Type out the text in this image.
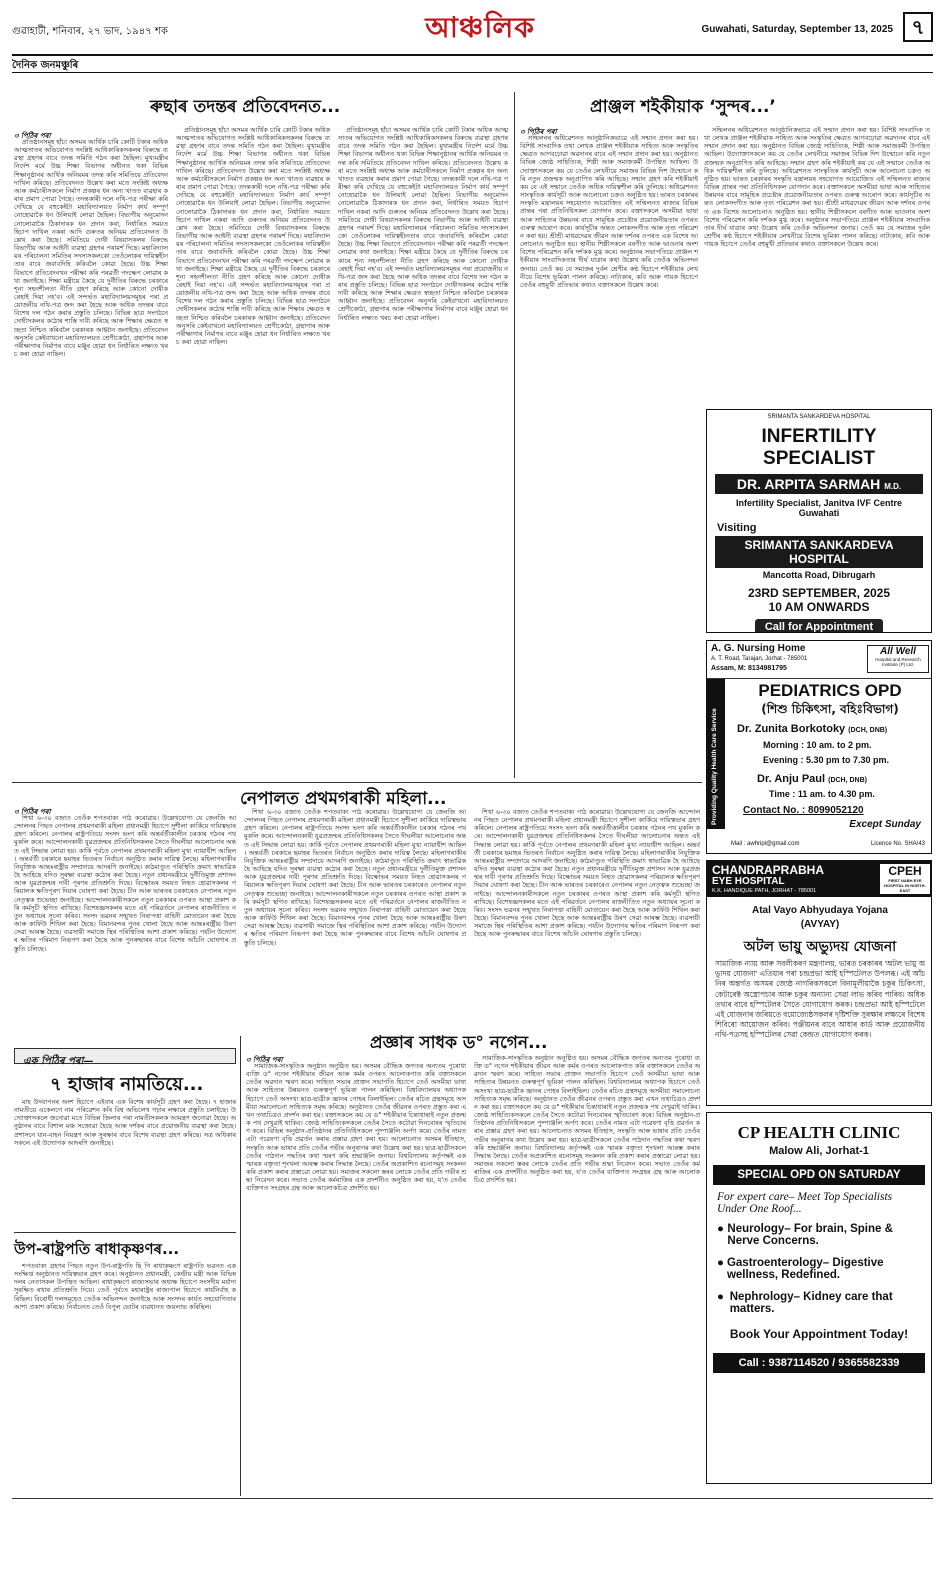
গুৱাহাটী, শনিবাৰ, ২৭ ভাদ, ১৯৪৭ শক	আঞ্চলিক	Guwahati, Saturday, September 13, 2025 ৭
দৈনিক জনমঞ্চুৰি
ৰুছাৰ তদন্তৰ প্ৰতিবেদনত...
৩ পিঠিৰ পৰা

প্ৰতিষ্ঠানসমূহ হাঁচা অসমৰ আৰ্থিক চাৰি কোটি টকাৰ অধিক আত্মসাতৰ অভিযোগত সংশ্লিষ্ট আধিকাৰিকসকলৰ বিৰুদ্ধে ব্যৱস্থা গ্ৰহণৰ বাবে তদন্ত সমিতি গঠন কৰা হৈছিল। মুখ্যমন্ত্ৰীৰ নিৰ্দেশ মৰ্মে উচ্চ শিক্ষা বিভাগৰ অধীনত থকা বিভিন্ন শিক্ষানুষ্ঠানৰ আৰ্থিক অনিয়মৰ তদন্ত কৰি সমিতিয়ে প্ৰতিবেদন দাখিল কৰিছে। প্ৰতিবেদনত উল্লেখ কৰা মতে সংশ্লিষ্ট অধ্যক্ষ আৰু কৰ্মচাৰীসকলে নিৰ্মাণ প্ৰকল্পৰ ধন অন্য খাতত ব্যৱহাৰ কৰাৰ প্ৰমাণ পোৱা গৈছে। তদন্তকাৰী দলে নথি-পত্ৰ পৰীক্ষা কৰি দেখিছে যে বহুকেইটা মহাবিদ্যালয়ত নিৰ্মাণ কাৰ্য সম্পূৰ্ণ নোহোৱাকৈ ধন উলিয়াই লোৱা হৈছিল। বিভাগীয় অনুমোদন নোলোৱাকৈ ঠিকাদাৰক ধন প্ৰদান কৰা, নিৰ্ধাৰিত সময়ত হিচাপ দাখিল নকৰা আদি গুৰুতৰ অনিয়ম প্ৰতিবেদনত উল্লেখ কৰা হৈছে। সমিতিয়ে দোষী বিষয়াসকলৰ বিৰুদ্ধে বিভাগীয় আৰু আইনী ব্যৱস্থা গ্ৰহণৰ পৰামৰ্শ দিছে। মহাবিদ্যালয়ৰ পৰিচালনা সমিতিৰ সদস্যসকলকো তেওঁলোকৰ দায়িত্বহীনতাৰ বাবে জবাবদিহি কৰিবলৈ কোৱা হৈছে। উচ্চ শিক্ষা বিভাগে প্ৰতিবেদনখন পৰীক্ষা কৰি পৰৱৰ্তী পদক্ষেপ লোৱাৰ কথা জনাইছে। শিক্ষা মন্ত্ৰীয়ে কৈছে যে দুৰ্নীতিৰ বিৰুদ্ধে চৰকাৰে শূন্য সহনশীলতা নীতি গ্ৰহণ কৰিছে আৰু কোনো দোষীক ৰেহাই দিয়া নহ'ব। এই সন্দৰ্ভত মহাবিদ্যালয়সমূহৰ পৰা প্ৰয়োজনীয় নথি-পত্ৰ জব্দ কৰা হৈছে আৰু অধিক তদন্তৰ বাবে বিশেষ দল গঠন কৰাৰ প্ৰস্তুতি চলিছে। বিভিন্ন ছাত্ৰ সংগঠনে দোষীসকলৰ কঠোৰ শাস্তি দাবী কৰিছে আৰু শিক্ষাৰ ক্ষেত্ৰত স্বচ্ছতা নিশ্চিত কৰিবলৈ চৰকাৰক আহ্বান জনাইছে। প্ৰতিবেদন অনুসৰি কেইবাখনো মহাবিদ্যালয়ত শ্ৰেণীকোঠা, গ্ৰন্থাগাৰ আৰু পৰীক্ষাগাৰ নিৰ্মাণৰ বাবে মঞ্জুৰ হোৱা ধন নিৰ্ধাৰিত লক্ষ্যত খৰচ কৰা হোৱা নাছিল।

প্ৰতিষ্ঠানসমূহ হাঁচা অসমৰ আৰ্থিক চাৰি কোটি টকাৰ অধিক আত্মসাতৰ অভিযোগত সংশ্লিষ্ট আধিকাৰিকসকলৰ বিৰুদ্ধে ব্যৱস্থা গ্ৰহণৰ বাবে তদন্ত সমিতি গঠন কৰা হৈছিল। মুখ্যমন্ত্ৰীৰ নিৰ্দেশ মৰ্মে উচ্চ শিক্ষা বিভাগৰ অধীনত থকা বিভিন্ন শিক্ষানুষ্ঠানৰ আৰ্থিক অনিয়মৰ তদন্ত কৰি সমিতিয়ে প্ৰতিবেদন দাখিল কৰিছে। প্ৰতিবেদনত উল্লেখ কৰা মতে সংশ্লিষ্ট অধ্যক্ষ আৰু কৰ্মচাৰীসকলে নিৰ্মাণ প্ৰকল্পৰ ধন অন্য খাতত ব্যৱহাৰ কৰাৰ প্ৰমাণ পোৱা গৈছে। তদন্তকাৰী দলে নথি-পত্ৰ পৰীক্ষা কৰি দেখিছে যে বহুকেইটা মহাবিদ্যালয়ত নিৰ্মাণ কাৰ্য সম্পূৰ্ণ নোহোৱাকৈ ধন উলিয়াই লোৱা হৈছিল। বিভাগীয় অনুমোদন নোলোৱাকৈ ঠিকাদাৰক ধন প্ৰদান কৰা, নিৰ্ধাৰিত সময়ত হিচাপ দাখিল নকৰা আদি গুৰুতৰ অনিয়ম প্ৰতিবেদনত উল্লেখ কৰা হৈছে। সমিতিয়ে দোষী বিষয়াসকলৰ বিৰুদ্ধে বিভাগীয় আৰু আইনী ব্যৱস্থা গ্ৰহণৰ পৰামৰ্শ দিছে। মহাবিদ্যালয়ৰ পৰিচালনা সমিতিৰ সদস্যসকলকো তেওঁলোকৰ দায়িত্বহীনতাৰ বাবে জবাবদিহি কৰিবলৈ কোৱা হৈছে। উচ্চ শিক্ষা বিভাগে প্ৰতিবেদনখন পৰীক্ষা কৰি পৰৱৰ্তী পদক্ষেপ লোৱাৰ কথা জনাইছে। শিক্ষা মন্ত্ৰীয়ে কৈছে যে দুৰ্নীতিৰ বিৰুদ্ধে চৰকাৰে শূন্য সহনশীলতা নীতি গ্ৰহণ কৰিছে আৰু কোনো দোষীক ৰেহাই দিয়া নহ'ব। এই সন্দৰ্ভত মহাবিদ্যালয়সমূহৰ পৰা প্ৰয়োজনীয় নথি-পত্ৰ জব্দ কৰা হৈছে আৰু অধিক তদন্তৰ বাবে বিশেষ দল গঠন কৰাৰ প্ৰস্তুতি চলিছে। বিভিন্ন ছাত্ৰ সংগঠনে দোষীসকলৰ কঠোৰ শাস্তি দাবী কৰিছে আৰু শিক্ষাৰ ক্ষেত্ৰত স্বচ্ছতা নিশ্চিত কৰিবলৈ চৰকাৰক আহ্বান জনাইছে। প্ৰতিবেদন অনুসৰি কেইবাখনো মহাবিদ্যালয়ত শ্ৰেণীকোঠা, গ্ৰন্থাগাৰ আৰু পৰীক্ষাগাৰ নিৰ্মাণৰ বাবে মঞ্জুৰ হোৱা ধন নিৰ্ধাৰিত লক্ষ্যত খৰচ কৰা হোৱা নাছিল।

প্ৰতিষ্ঠানসমূহ হাঁচা অসমৰ আৰ্থিক চাৰি কোটি টকাৰ অধিক আত্মসাতৰ অভিযোগত সংশ্লিষ্ট আধিকাৰিকসকলৰ বিৰুদ্ধে ব্যৱস্থা গ্ৰহণৰ বাবে তদন্ত সমিতি গঠন কৰা হৈছিল। মুখ্যমন্ত্ৰীৰ নিৰ্দেশ মৰ্মে উচ্চ শিক্ষা বিভাগৰ অধীনত থকা বিভিন্ন শিক্ষানুষ্ঠানৰ আৰ্থিক অনিয়মৰ তদন্ত কৰি সমিতিয়ে প্ৰতিবেদন দাখিল কৰিছে। প্ৰতিবেদনত উল্লেখ কৰা মতে সংশ্লিষ্ট অধ্যক্ষ আৰু কৰ্মচাৰীসকলে নিৰ্মাণ প্ৰকল্পৰ ধন অন্য খাতত ব্যৱহাৰ কৰাৰ প্ৰমাণ পোৱা গৈছে। তদন্তকাৰী দলে নথি-পত্ৰ পৰীক্ষা কৰি দেখিছে যে বহুকেইটা মহাবিদ্যালয়ত নিৰ্মাণ কাৰ্য সম্পূৰ্ণ নোহোৱাকৈ ধন উলিয়াই লোৱা হৈছিল। বিভাগীয় অনুমোদন নোলোৱাকৈ ঠিকাদাৰক ধন প্ৰদান কৰা, নিৰ্ধাৰিত সময়ত হিচাপ দাখিল নকৰা আদি গুৰুতৰ অনিয়ম প্ৰতিবেদনত উল্লেখ কৰা হৈছে। সমিতিয়ে দোষী বিষয়াসকলৰ বিৰুদ্ধে বিভাগীয় আৰু আইনী ব্যৱস্থা গ্ৰহণৰ পৰামৰ্শ দিছে। মহাবিদ্যালয়ৰ পৰিচালনা সমিতিৰ সদস্যসকলকো তেওঁলোকৰ দায়িত্বহীনতাৰ বাবে জবাবদিহি কৰিবলৈ কোৱা হৈছে। উচ্চ শিক্ষা বিভাগে প্ৰতিবেদনখন পৰীক্ষা কৰি পৰৱৰ্তী পদক্ষেপ লোৱাৰ কথা জনাইছে। শিক্ষা মন্ত্ৰীয়ে কৈছে যে দুৰ্নীতিৰ বিৰুদ্ধে চৰকাৰে শূন্য সহনশীলতা নীতি গ্ৰহণ কৰিছে আৰু কোনো দোষীক ৰেহাই দিয়া নহ'ব। এই সন্দৰ্ভত মহাবিদ্যালয়সমূহৰ পৰা প্ৰয়োজনীয় নথি-পত্ৰ জব্দ কৰা হৈছে আৰু অধিক তদন্তৰ বাবে বিশেষ দল গঠন কৰাৰ প্ৰস্তুতি চলিছে। বিভিন্ন ছাত্ৰ সংগঠনে দোষীসকলৰ কঠোৰ শাস্তি দাবী কৰিছে আৰু শিক্ষাৰ ক্ষেত্ৰত স্বচ্ছতা নিশ্চিত কৰিবলৈ চৰকাৰক আহ্বান জনাইছে। প্ৰতিবেদন অনুসৰি কেইবাখনো মহাবিদ্যালয়ত শ্ৰেণীকোঠা, গ্ৰন্থাগাৰ আৰু পৰীক্ষাগাৰ নিৰ্মাণৰ বাবে মঞ্জুৰ হোৱা ধন নিৰ্ধাৰিত লক্ষ্যত খৰচ কৰা হোৱা নাছিল।

প্ৰাঞ্জল শইকীয়াক ‘সুন্দৰ...’
৩ পিঠিৰ পৰা

সন্মিলনৰ অধিৱেশনত আনুষ্ঠানিকভাৱে এই সন্মান প্ৰদান কৰা হয়। বিশিষ্ট সাংবাদিক তথা লেখক প্ৰাঞ্জল শইকীয়াক সাহিত্য আৰু সংস্কৃতিৰ ক্ষেত্ৰত আগবঢ়োৱা অৱদানৰ বাবে এই সন্মান প্ৰদান কৰা হয়। অনুষ্ঠানত বিভিন্ন জ্যেষ্ঠ সাহিত্যিক, শিল্পী আৰু সমাজকৰ্মী উপস্থিত আছিল। উদ্যোক্তাসকলে কয় যে তেওঁৰ লেখনীয়ে সমাজৰ বিভিন্ন দিশ উন্মোচন কৰি নতুন প্ৰজন্মক অনুপ্ৰাণিত কৰি আহিছে। সন্মান গ্ৰহণ কৰি শইকীয়াই কয় যে এই সন্মানে তেওঁক অধিক দায়িত্বশীল কৰি তুলিছে। অধিৱেশনত সাংস্কৃতিক কাৰ্যসূচী আৰু আলোচনা চক্ৰও অনুষ্ঠিত হয়। ভাৰত চৰকাৰৰ সংস্কৃতি মন্ত্ৰালয়ৰ সহযোগত আয়োজিত এই সন্মিলনত ৰাজ্যৰ বিভিন্ন প্ৰান্তৰ পৰা প্ৰতিনিধিসকল যোগদান কৰে। বক্তাসকলে অসমীয়া ভাষা আৰু সাহিত্যৰ উন্নয়নৰ বাবে সামূহিক প্ৰচেষ্টাৰ প্ৰয়োজনীয়তাৰ ওপৰত গুৰুত্ব আৰোপ কৰে। কাৰ্যসূচীৰ অন্তত লোকসংগীত আৰু নৃত্য পৰিৱেশন কৰা হয়। শ্ৰীশ্ৰী মাধৱদেৱৰ জীৱন আৰু দৰ্শনৰ ওপৰত এক বিশেষ আলোচনাও অনুষ্ঠিত হয়। স্থানীয় শিল্পীসকলে বৰগীত আৰু ভাওনাৰ অংশবিশেষ পৰিৱেশন কৰি দৰ্শকক মুগ্ধ কৰে। অনুষ্ঠানৰ সভাপতিয়ে প্ৰাঞ্জল শইকীয়াৰ সাংবাদিকতাৰ দীৰ্ঘ যাত্ৰাৰ কথা উল্লেখ কৰি তেওঁক অভিনন্দন জনায়। তেওঁ কয় যে সমাজৰ দুৰ্বল শ্ৰেণীৰ কণ্ঠ হিচাপে শইকীয়াৰ লেখনীয়ে বিশেষ ভূমিকা পালন কৰিছে। নাট্যকাৰ, কবি আৰু গায়ক হিচাপে তেওঁৰ বহুমুখী প্ৰতিভাৰ কথাও বক্তাসকলে উল্লেখ কৰে।

সন্মিলনৰ অধিৱেশনত আনুষ্ঠানিকভাৱে এই সন্মান প্ৰদান কৰা হয়। বিশিষ্ট সাংবাদিক তথা লেখক প্ৰাঞ্জল শইকীয়াক সাহিত্য আৰু সংস্কৃতিৰ ক্ষেত্ৰত আগবঢ়োৱা অৱদানৰ বাবে এই সন্মান প্ৰদান কৰা হয়। অনুষ্ঠানত বিভিন্ন জ্যেষ্ঠ সাহিত্যিক, শিল্পী আৰু সমাজকৰ্মী উপস্থিত আছিল। উদ্যোক্তাসকলে কয় যে তেওঁৰ লেখনীয়ে সমাজৰ বিভিন্ন দিশ উন্মোচন কৰি নতুন প্ৰজন্মক অনুপ্ৰাণিত কৰি আহিছে। সন্মান গ্ৰহণ কৰি শইকীয়াই কয় যে এই সন্মানে তেওঁক অধিক দায়িত্বশীল কৰি তুলিছে। অধিৱেশনত সাংস্কৃতিক কাৰ্যসূচী আৰু আলোচনা চক্ৰও অনুষ্ঠিত হয়। ভাৰত চৰকাৰৰ সংস্কৃতি মন্ত্ৰালয়ৰ সহযোগত আয়োজিত এই সন্মিলনত ৰাজ্যৰ বিভিন্ন প্ৰান্তৰ পৰা প্ৰতিনিধিসকল যোগদান কৰে। বক্তাসকলে অসমীয়া ভাষা আৰু সাহিত্যৰ উন্নয়নৰ বাবে সামূহিক প্ৰচেষ্টাৰ প্ৰয়োজনীয়তাৰ ওপৰত গুৰুত্ব আৰোপ কৰে। কাৰ্যসূচীৰ অন্তত লোকসংগীত আৰু নৃত্য পৰিৱেশন কৰা হয়। শ্ৰীশ্ৰী মাধৱদেৱৰ জীৱন আৰু দৰ্শনৰ ওপৰত এক বিশেষ আলোচনাও অনুষ্ঠিত হয়। স্থানীয় শিল্পীসকলে বৰগীত আৰু ভাওনাৰ অংশবিশেষ পৰিৱেশন কৰি দৰ্শকক মুগ্ধ কৰে। অনুষ্ঠানৰ সভাপতিয়ে প্ৰাঞ্জল শইকীয়াৰ সাংবাদিকতাৰ দীৰ্ঘ যাত্ৰাৰ কথা উল্লেখ কৰি তেওঁক অভিনন্দন জনায়। তেওঁ কয় যে সমাজৰ দুৰ্বল শ্ৰেণীৰ কণ্ঠ হিচাপে শইকীয়াৰ লেখনীয়ে বিশেষ ভূমিকা পালন কৰিছে। নাট্যকাৰ, কবি আৰু গায়ক হিচাপে তেওঁৰ বহুমুখী প্ৰতিভাৰ কথাও বক্তাসকলে উল্লেখ কৰে।

SRIMANTA SANKARDEVA HOSPITAL
INFERTILITY SPECIALIST
DR. ARPITA SARMAH M.D.
Infertility Specialist, Janitva IVF Centre
Guwahati
Visiting
SRIMANTA SANKARDEVA HOSPITAL
Mancotta Road, Dibrugarh
23RD SEPTEMBER, 2025
10 AM ONWARDS
Call for Appointment
A. G. Nursing Home
A. T. Road, Tarajan, Jorhat - 785001
Assam, M: 8134981795
All Well
Hospital and Research Institute (P) Ltd.
Providing Quality Health Care Service
PEDIATRICS OPD
(শিশু চিকিৎসা, বহিঃবিভাগ)
Dr. Zunita Borkotoky (DCH, DNB)
Morning : 10 am. to 2 pm.
Evening : 5.30 pm to 7.30 pm.
Dr. Anju Paul (DCH, DNB)
Time : 11 am. to 4.30 pm.
Contact No. : 8099052120
Except Sunday
Mail : awhripl@gmail.com	Licence No. SHA/43
CHANDRAPRABHA
EYE HOSPITAL
K.K. HANDIQUE PATH, JORHAT - 785001
CPEH
FIRST NABH EYE HOSPITAL IN NORTH-EAST
Atal Vayo Abhyudaya Yojana
(AVYAY)
অটল ভায়ু অভ্যুদয় যোজনা
সামাজিক ন্যায় আৰু সবলীকৰণ মন্ত্ৰণালয়, ভাৰত চৰকাৰৰ 'অটল ভায়ু অভ্যুদয় যোজনা' এতিয়াৰ পৰা চন্দ্ৰপ্ৰভা আই হস্পিটেলত উপলব্ধ। এই আঁচনিৰ অন্তৰ্গত অসমৰ জ্যেষ্ঠ নাগৰিকসকলে বিনামূলীয়াকৈ চকুৰ চিকিৎসা, কেটাৰেক্ট অস্ত্ৰোপচাৰ আৰু চকুৰ অন্যান্য সেৱা লাভ কৰিব পাৰিব। অধিক তথ্যৰ বাবে হস্পিটেলৰ সৈতে যোগাযোগ কৰক। চন্দ্ৰপ্ৰভা আই হস্পিটেলে এই যোজনাৰ জৰিয়তে বয়োজ্যেষ্ঠসকলৰ দৃষ্টিশক্তি সুৰক্ষাৰ লক্ষ্যৰে বিশেষ শিবিৰো আয়োজন কৰিব। পঞ্জীয়নৰ বাবে আধাৰ কাৰ্ড আৰু প্ৰয়োজনীয় নথি-পত্ৰসহ হস্পিটেলৰ সেৱা কেন্দ্ৰত যোগাযোগ কৰক।
CP HEALTH CLINIC
Malow Ali, Jorhat-1
SPECIAL OPD ON SATURDAY
For expert care– Meet Top Specialists Under One Roof...
● Neurology– For brain, Spine & Nerve Concerns.
● Gastroenterology– Digestive wellness, Redefined.
● Nephrology– Kidney care that matters.
Book Your Appointment Today!
Call : 9387114520 / 9365582339
নেপালত প্ৰথমগৰাকী মহিলা...
৩ পিঠিৰ পৰা

শিখা ৬-৩০ বজাত তেওঁক শপতবাক্য পাঠ কৰোৱায়। উল্লেখযোগ্য যে জেনজি আন্দোলনৰ পিছত নেপালৰ প্ৰথমগৰাকী মহিলা প্ৰধানমন্ত্ৰী হিচাপে সুশীলা কাৰ্কিয়ে দায়িত্বভাৰ গ্ৰহণ কৰিলে। নেপালৰ ৰাষ্ট্ৰপতিয়ে সংসদ ভংগ কৰি অন্তৰ্বৰ্তীকালীন চৰকাৰ গঠনৰ পথ মুকলি কৰে। আন্দোলনকাৰী যুৱপ্ৰজন্মৰ প্ৰতিনিধিসকলৰ সৈতে দীঘলীয়া আলোচনাৰ অন্তত এই সিদ্ধান্ত লোৱা হয়। কাৰ্কি পূৰ্বতে নেপালৰ প্ৰথমগৰাকী মহিলা মুখ্য ন্যায়াধীশ আছিল। অন্তৰ্বৰ্তী চৰকাৰে ছমাহৰ ভিতৰত নিৰ্বাচন অনুষ্ঠিত কৰাৰ দায়িত্ব লৈছে। মহিলাগৰাকীৰ নিযুক্তিক আন্তঃৰাষ্ট্ৰীয় সম্প্ৰদায়ে আদৰণি জনাইছে। কাঠমাণ্ডুত পৰিস্থিতি ক্ৰমাৎ স্বাভাৱিক হৈ আহিছে যদিও সুৰক্ষা ব্যৱস্থা কঠোৰ কৰা হৈছে। নতুন প্ৰধানমন্ত্ৰীয়ে দুৰ্নীতিমুক্ত প্ৰশাসন আৰু যুৱপ্ৰজন্মৰ দাবী পূৰণৰ প্ৰতিশ্ৰুতি দিছে। বিক্ষোভৰ সময়ত নিহত হোৱাসকলৰ পৰিয়ালক ক্ষতিপূৰণ দিয়াৰ ঘোষণা কৰা হৈছে। চীন আৰু ভাৰতৰ চৰকাৰেও নেপালৰ নতুন নেতৃত্বক শুভেচ্ছা জনাইছে। আন্দোলনকাৰীসকলে নতুন চৰকাৰৰ ওপৰত আস্থা প্ৰকাশ কৰি কৰ্মসূচী স্থগিত ৰাখিছে। বিশেষজ্ঞসকলৰ মতে এই পৰিৱৰ্তনে নেপালৰ ৰাজনীতিত নতুন অধ্যায়ৰ সূচনা কৰিব। সংসদ ভৱনৰ সন্মুখত নিৰাপত্তা বাহিনী মোতায়েন কৰা হৈছে আৰু কাৰ্ফিউ শিথিল কৰা হৈছে। বিমানবন্দৰ পুনৰ খোলা হৈছে আৰু আন্তঃৰাষ্ট্ৰীয় উৰণ সেৱা আৰম্ভ হৈছে। ব্যৱসায়ী সমাজে স্থিৰ পৰিস্থিতিৰ আশা প্ৰকাশ কৰিছে। পৰ্যটন উদ্যোগৰ ক্ষতিৰ পৰিমাণ নিৰূপণ কৰা হৈছে আৰু পুনৰুদ্ধাৰৰ বাবে বিশেষ আঁচনি ঘোষণাৰ প্ৰস্তুতি চলিছে।

শিখা ৬-৩০ বজাত তেওঁক শপতবাক্য পাঠ কৰোৱায়। উল্লেখযোগ্য যে জেনজি আন্দোলনৰ পিছত নেপালৰ প্ৰথমগৰাকী মহিলা প্ৰধানমন্ত্ৰী হিচাপে সুশীলা কাৰ্কিয়ে দায়িত্বভাৰ গ্ৰহণ কৰিলে। নেপালৰ ৰাষ্ট্ৰপতিয়ে সংসদ ভংগ কৰি অন্তৰ্বৰ্তীকালীন চৰকাৰ গঠনৰ পথ মুকলি কৰে। আন্দোলনকাৰী যুৱপ্ৰজন্মৰ প্ৰতিনিধিসকলৰ সৈতে দীঘলীয়া আলোচনাৰ অন্তত এই সিদ্ধান্ত লোৱা হয়। কাৰ্কি পূৰ্বতে নেপালৰ প্ৰথমগৰাকী মহিলা মুখ্য ন্যায়াধীশ আছিল। অন্তৰ্বৰ্তী চৰকাৰে ছমাহৰ ভিতৰত নিৰ্বাচন অনুষ্ঠিত কৰাৰ দায়িত্ব লৈছে। মহিলাগৰাকীৰ নিযুক্তিক আন্তঃৰাষ্ট্ৰীয় সম্প্ৰদায়ে আদৰণি জনাইছে। কাঠমাণ্ডুত পৰিস্থিতি ক্ৰমাৎ স্বাভাৱিক হৈ আহিছে যদিও সুৰক্ষা ব্যৱস্থা কঠোৰ কৰা হৈছে। নতুন প্ৰধানমন্ত্ৰীয়ে দুৰ্নীতিমুক্ত প্ৰশাসন আৰু যুৱপ্ৰজন্মৰ দাবী পূৰণৰ প্ৰতিশ্ৰুতি দিছে। বিক্ষোভৰ সময়ত নিহত হোৱাসকলৰ পৰিয়ালক ক্ষতিপূৰণ দিয়াৰ ঘোষণা কৰা হৈছে। চীন আৰু ভাৰতৰ চৰকাৰেও নেপালৰ নতুন নেতৃত্বক শুভেচ্ছা জনাইছে। আন্দোলনকাৰীসকলে নতুন চৰকাৰৰ ওপৰত আস্থা প্ৰকাশ কৰি কৰ্মসূচী স্থগিত ৰাখিছে। বিশেষজ্ঞসকলৰ মতে এই পৰিৱৰ্তনে নেপালৰ ৰাজনীতিত নতুন অধ্যায়ৰ সূচনা কৰিব। সংসদ ভৱনৰ সন্মুখত নিৰাপত্তা বাহিনী মোতায়েন কৰা হৈছে আৰু কাৰ্ফিউ শিথিল কৰা হৈছে। বিমানবন্দৰ পুনৰ খোলা হৈছে আৰু আন্তঃৰাষ্ট্ৰীয় উৰণ সেৱা আৰম্ভ হৈছে। ব্যৱসায়ী সমাজে স্থিৰ পৰিস্থিতিৰ আশা প্ৰকাশ কৰিছে। পৰ্যটন উদ্যোগৰ ক্ষতিৰ পৰিমাণ নিৰূপণ কৰা হৈছে আৰু পুনৰুদ্ধাৰৰ বাবে বিশেষ আঁচনি ঘোষণাৰ প্ৰস্তুতি চলিছে।

শিখা ৬-৩০ বজাত তেওঁক শপতবাক্য পাঠ কৰোৱায়। উল্লেখযোগ্য যে জেনজি আন্দোলনৰ পিছত নেপালৰ প্ৰথমগৰাকী মহিলা প্ৰধানমন্ত্ৰী হিচাপে সুশীলা কাৰ্কিয়ে দায়িত্বভাৰ গ্ৰহণ কৰিলে। নেপালৰ ৰাষ্ট্ৰপতিয়ে সংসদ ভংগ কৰি অন্তৰ্বৰ্তীকালীন চৰকাৰ গঠনৰ পথ মুকলি কৰে। আন্দোলনকাৰী যুৱপ্ৰজন্মৰ প্ৰতিনিধিসকলৰ সৈতে দীঘলীয়া আলোচনাৰ অন্তত এই সিদ্ধান্ত লোৱা হয়। কাৰ্কি পূৰ্বতে নেপালৰ প্ৰথমগৰাকী মহিলা মুখ্য ন্যায়াধীশ আছিল। অন্তৰ্বৰ্তী চৰকাৰে ছমাহৰ ভিতৰত নিৰ্বাচন অনুষ্ঠিত কৰাৰ দায়িত্ব লৈছে। মহিলাগৰাকীৰ নিযুক্তিক আন্তঃৰাষ্ট্ৰীয় সম্প্ৰদায়ে আদৰণি জনাইছে। কাঠমাণ্ডুত পৰিস্থিতি ক্ৰমাৎ স্বাভাৱিক হৈ আহিছে যদিও সুৰক্ষা ব্যৱস্থা কঠোৰ কৰা হৈছে। নতুন প্ৰধানমন্ত্ৰীয়ে দুৰ্নীতিমুক্ত প্ৰশাসন আৰু যুৱপ্ৰজন্মৰ দাবী পূৰণৰ প্ৰতিশ্ৰুতি দিছে। বিক্ষোভৰ সময়ত নিহত হোৱাসকলৰ পৰিয়ালক ক্ষতিপূৰণ দিয়াৰ ঘোষণা কৰা হৈছে। চীন আৰু ভাৰতৰ চৰকাৰেও নেপালৰ নতুন নেতৃত্বক শুভেচ্ছা জনাইছে। আন্দোলনকাৰীসকলে নতুন চৰকাৰৰ ওপৰত আস্থা প্ৰকাশ কৰি কৰ্মসূচী স্থগিত ৰাখিছে। বিশেষজ্ঞসকলৰ মতে এই পৰিৱৰ্তনে নেপালৰ ৰাজনীতিত নতুন অধ্যায়ৰ সূচনা কৰিব। সংসদ ভৱনৰ সন্মুখত নিৰাপত্তা বাহিনী মোতায়েন কৰা হৈছে আৰু কাৰ্ফিউ শিথিল কৰা হৈছে। বিমানবন্দৰ পুনৰ খোলা হৈছে আৰু আন্তঃৰাষ্ট্ৰীয় উৰণ সেৱা আৰম্ভ হৈছে। ব্যৱসায়ী সমাজে স্থিৰ পৰিস্থিতিৰ আশা প্ৰকাশ কৰিছে। পৰ্যটন উদ্যোগৰ ক্ষতিৰ পৰিমাণ নিৰূপণ কৰা হৈছে আৰু পুনৰুদ্ধাৰৰ বাবে বিশেষ আঁচনি ঘোষণাৰ প্ৰস্তুতি চলিছে।

এক পিঠিৰ পৰা—
৭ হাজাৰ নামতিয়ে...

মাহ উদযাপনৰ অংশ হিচাপে এইবাৰ এক বিশেষ কাৰ্যসূচী গ্ৰহণ কৰা হৈছে। ৭ হাজাৰ নামতীয়ে একেলগে নাম পৰিৱেশন কৰি বিশ্ব অভিলেখ গঢ়াৰ লক্ষ্যৰে প্ৰস্তুতি চলাইছে। উদ্যোক্তাসকলে জনোৱা মতে বিভিন্ন জিলাৰ পৰা নামতীসকলক আমন্ত্ৰণ জনোৱা হৈছে। অনুষ্ঠানৰ বাবে বিশাল মঞ্চ সজোৱা হৈছে আৰু দৰ্শকৰ বাবে প্ৰয়োজনীয় ব্যৱস্থা কৰা হৈছে। প্ৰশাসনে যান-বাহন নিয়ন্ত্ৰণ আৰু সুৰক্ষাৰ বাবে বিশেষ ব্যৱস্থা গ্ৰহণ কৰিছে। সত্ৰ অধিকাৰসকলে এই উদ্যোগক আদৰণি জনাইছে।

উপ-ৰাষ্ট্ৰপতি ৰাধাকৃষ্ণণৰ...

শপতবাক্য গ্ৰহণৰ পিছত নতুন উপ-ৰাষ্ট্ৰপতি ছি পি ৰাধাকৃষ্ণণে ৰাষ্ট্ৰপতি ভৱনত এক সংক্ষিপ্ত অনুষ্ঠানত দায়িত্বভাৰ গ্ৰহণ কৰে। অনুষ্ঠানত প্ৰধানমন্ত্ৰী, কেন্দ্ৰীয় মন্ত্ৰী আৰু বিভিন্ন দলৰ নেতাসকল উপস্থিত আছিল। ৰাধাকৃষ্ণণে ৰাজ্যসভাৰ অধ্যক্ষ হিচাপে সংসদীয় মৰ্যাদা সুৰক্ষিত ৰখাৰ প্ৰতিশ্ৰুতি দিয়ে। তেওঁ পূৰ্বতে মহাৰাষ্ট্ৰৰ ৰাজ্যপাল হিচাপে কাৰ্যনিৰ্বাহ কৰিছিল। বিৰোধী দলসমূহেও তেওঁক অভিনন্দন জনাইছে আৰু সংসদৰ কাৰ্যত সহযোগিতাৰ আশা প্ৰকাশ কৰিছে। নিৰ্বাচনত তেওঁ বিপুল ভোটৰ ব্যৱধানত জয়লাভ কৰিছিল।

প্ৰজ্ঞাৰ সাধক ড° নগেন...
৩ পিঠিৰ পৰা

সামাজিক-সাংস্কৃতিক অনুষ্ঠান অনুষ্ঠিত হয়। অসমৰ বৌদ্ধিক জগতৰ অন্যতম পুৰোধা ব্যক্তি ড° নগেন শইকীয়াৰ জীৱন আৰু কৰ্মৰ ওপৰত আলোকপাত কৰি বক্তাসকলে তেওঁৰ অৱদান স্মৰণ কৰে। সাহিত্য সভাৰ প্ৰাক্তন সভাপতি হিচাপে তেওঁ অসমীয়া ভাষা আৰু সাহিত্যৰ উন্নয়নত গুৰুত্বপূৰ্ণ ভূমিকা পালন কৰিছিল। বিশ্ববিদ্যালয়ৰ অধ্যাপক হিচাপে তেওঁ অসংখ্য ছাত্ৰ-ছাত্ৰীক জ্ঞানৰ পোহৰ বিলাইছিল। তেওঁৰ ৰচিত গ্ৰন্থসমূহে অসমীয়া সমালোচনা সাহিত্যক সমৃদ্ধ কৰিছে। অনুষ্ঠানত তেওঁৰ জীৱনৰ ওপৰত প্ৰস্তুত কৰা এখন তথ্যচিত্ৰও প্ৰদৰ্শন কৰা হয়। বক্তাসকলে কয় যে ড° শইকীয়াৰ চিন্তাধাৰাই নতুন প্ৰজন্মক পথ দেখুৱাই থাকিব। জ্যেষ্ঠ সাহিত্যিকসকলে তেওঁৰ সৈতে কটোৱা দিনবোৰৰ স্মৃতিচাৰণ কৰে। বিভিন্ন অনুষ্ঠান-প্ৰতিষ্ঠানৰ প্ৰতিনিধিসকলে পুষ্পাঞ্জলি অৰ্পণ কৰে। তেওঁৰ নামত এটা গৱেষণা বৃত্তি প্ৰৱৰ্তন কৰাৰ প্ৰস্তাৱ গ্ৰহণ কৰা হয়। আলোচনাত অসমৰ ইতিহাস, সংস্কৃতি আৰু ভাষাৰ প্ৰতি তেওঁৰ গভীৰ অনুৰাগৰ কথা উল্লেখ কৰা হয়। ছাত্ৰ-ছাত্ৰীসকলে তেওঁৰ পাঠদান পদ্ধতিৰ কথা স্মৰণ কৰি শ্ৰদ্ধাঞ্জলি জনায়। বিশ্ববিদ্যালয় কৰ্তৃপক্ষই এক স্মাৰক বক্তৃতা শৃংখলা আৰম্ভ কৰাৰ সিদ্ধান্ত লৈছে। তেওঁৰ অপ্ৰকাশিত ৰচনাসমূহ সংকলন কৰি প্ৰকাশ কৰাৰ প্ৰস্তাৱো লোৱা হয়। সমাজৰ সকলো স্তৰৰ লোকে তেওঁৰ প্ৰতি গভীৰ শ্ৰদ্ধা নিবেদন কৰে। সভাত তেওঁৰ কৰ্মৰাজিৰ এক প্ৰদৰ্শনীও অনুষ্ঠিত কৰা হয়, য'ত তেওঁৰ ব্যক্তিগত সংগ্ৰহৰ গ্ৰন্থ আৰু আলোকচিত্ৰ প্ৰদৰ্শিত হয়।

সামাজিক-সাংস্কৃতিক অনুষ্ঠান অনুষ্ঠিত হয়। অসমৰ বৌদ্ধিক জগতৰ অন্যতম পুৰোধা ব্যক্তি ড° নগেন শইকীয়াৰ জীৱন আৰু কৰ্মৰ ওপৰত আলোকপাত কৰি বক্তাসকলে তেওঁৰ অৱদান স্মৰণ কৰে। সাহিত্য সভাৰ প্ৰাক্তন সভাপতি হিচাপে তেওঁ অসমীয়া ভাষা আৰু সাহিত্যৰ উন্নয়নত গুৰুত্বপূৰ্ণ ভূমিকা পালন কৰিছিল। বিশ্ববিদ্যালয়ৰ অধ্যাপক হিচাপে তেওঁ অসংখ্য ছাত্ৰ-ছাত্ৰীক জ্ঞানৰ পোহৰ বিলাইছিল। তেওঁৰ ৰচিত গ্ৰন্থসমূহে অসমীয়া সমালোচনা সাহিত্যক সমৃদ্ধ কৰিছে। অনুষ্ঠানত তেওঁৰ জীৱনৰ ওপৰত প্ৰস্তুত কৰা এখন তথ্যচিত্ৰও প্ৰদৰ্শন কৰা হয়। বক্তাসকলে কয় যে ড° শইকীয়াৰ চিন্তাধাৰাই নতুন প্ৰজন্মক পথ দেখুৱাই থাকিব। জ্যেষ্ঠ সাহিত্যিকসকলে তেওঁৰ সৈতে কটোৱা দিনবোৰৰ স্মৃতিচাৰণ কৰে। বিভিন্ন অনুষ্ঠান-প্ৰতিষ্ঠানৰ প্ৰতিনিধিসকলে পুষ্পাঞ্জলি অৰ্পণ কৰে। তেওঁৰ নামত এটা গৱেষণা বৃত্তি প্ৰৱৰ্তন কৰাৰ প্ৰস্তাৱ গ্ৰহণ কৰা হয়। আলোচনাত অসমৰ ইতিহাস, সংস্কৃতি আৰু ভাষাৰ প্ৰতি তেওঁৰ গভীৰ অনুৰাগৰ কথা উল্লেখ কৰা হয়। ছাত্ৰ-ছাত্ৰীসকলে তেওঁৰ পাঠদান পদ্ধতিৰ কথা স্মৰণ কৰি শ্ৰদ্ধাঞ্জলি জনায়। বিশ্ববিদ্যালয় কৰ্তৃপক্ষই এক স্মাৰক বক্তৃতা শৃংখলা আৰম্ভ কৰাৰ সিদ্ধান্ত লৈছে। তেওঁৰ অপ্ৰকাশিত ৰচনাসমূহ সংকলন কৰি প্ৰকাশ কৰাৰ প্ৰস্তাৱো লোৱা হয়। সমাজৰ সকলো স্তৰৰ লোকে তেওঁৰ প্ৰতি গভীৰ শ্ৰদ্ধা নিবেদন কৰে। সভাত তেওঁৰ কৰ্মৰাজিৰ এক প্ৰদৰ্শনীও অনুষ্ঠিত কৰা হয়, য'ত তেওঁৰ ব্যক্তিগত সংগ্ৰহৰ গ্ৰন্থ আৰু আলোকচিত্ৰ প্ৰদৰ্শিত হয়।
